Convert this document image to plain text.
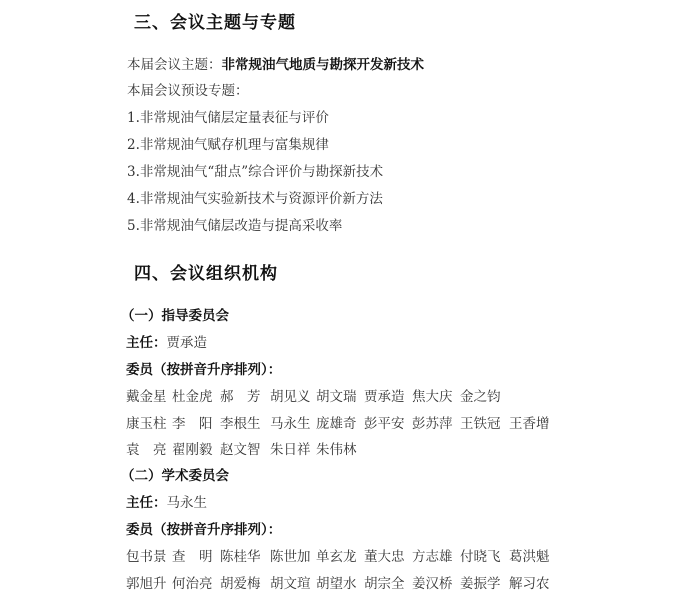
三、会议主题与专题
本届会议主题：非常规油气地质与勘探开发新技术
本届会议预设专题：
1.非常规油气储层定量表征与评价
2.非常规油气赋存机理与富集规律
3.非常规油气“甜点”综合评价与勘探新技术
4.非常规油气实验新技术与资源评价新方法
5.非常规油气储层改造与提高采收率
四、会议组织机构
（一）指导委员会
主任：贾承造
委员（按拼音升序排列）：
戴金星 杜金虎 郝　芳 胡见义 胡文瑞 贾承造 焦大庆 金之钧
康玉柱 李　阳 李根生 马永生 庞雄奇 彭平安 彭苏萍 王铁冠 王香增
袁　亮 翟刚毅 赵文智 朱日祥 朱伟林
（二）学术委员会
主任：马永生
委员（按拼音升序排列）：
包书景 查　明 陈桂华 陈世加 单玄龙 董大忠 方志雄 付晓飞 葛洪魁
郭旭升 何治亮 胡爱梅 胡文瑄 胡望水 胡宗全 姜汉桥 姜振学 解习农
